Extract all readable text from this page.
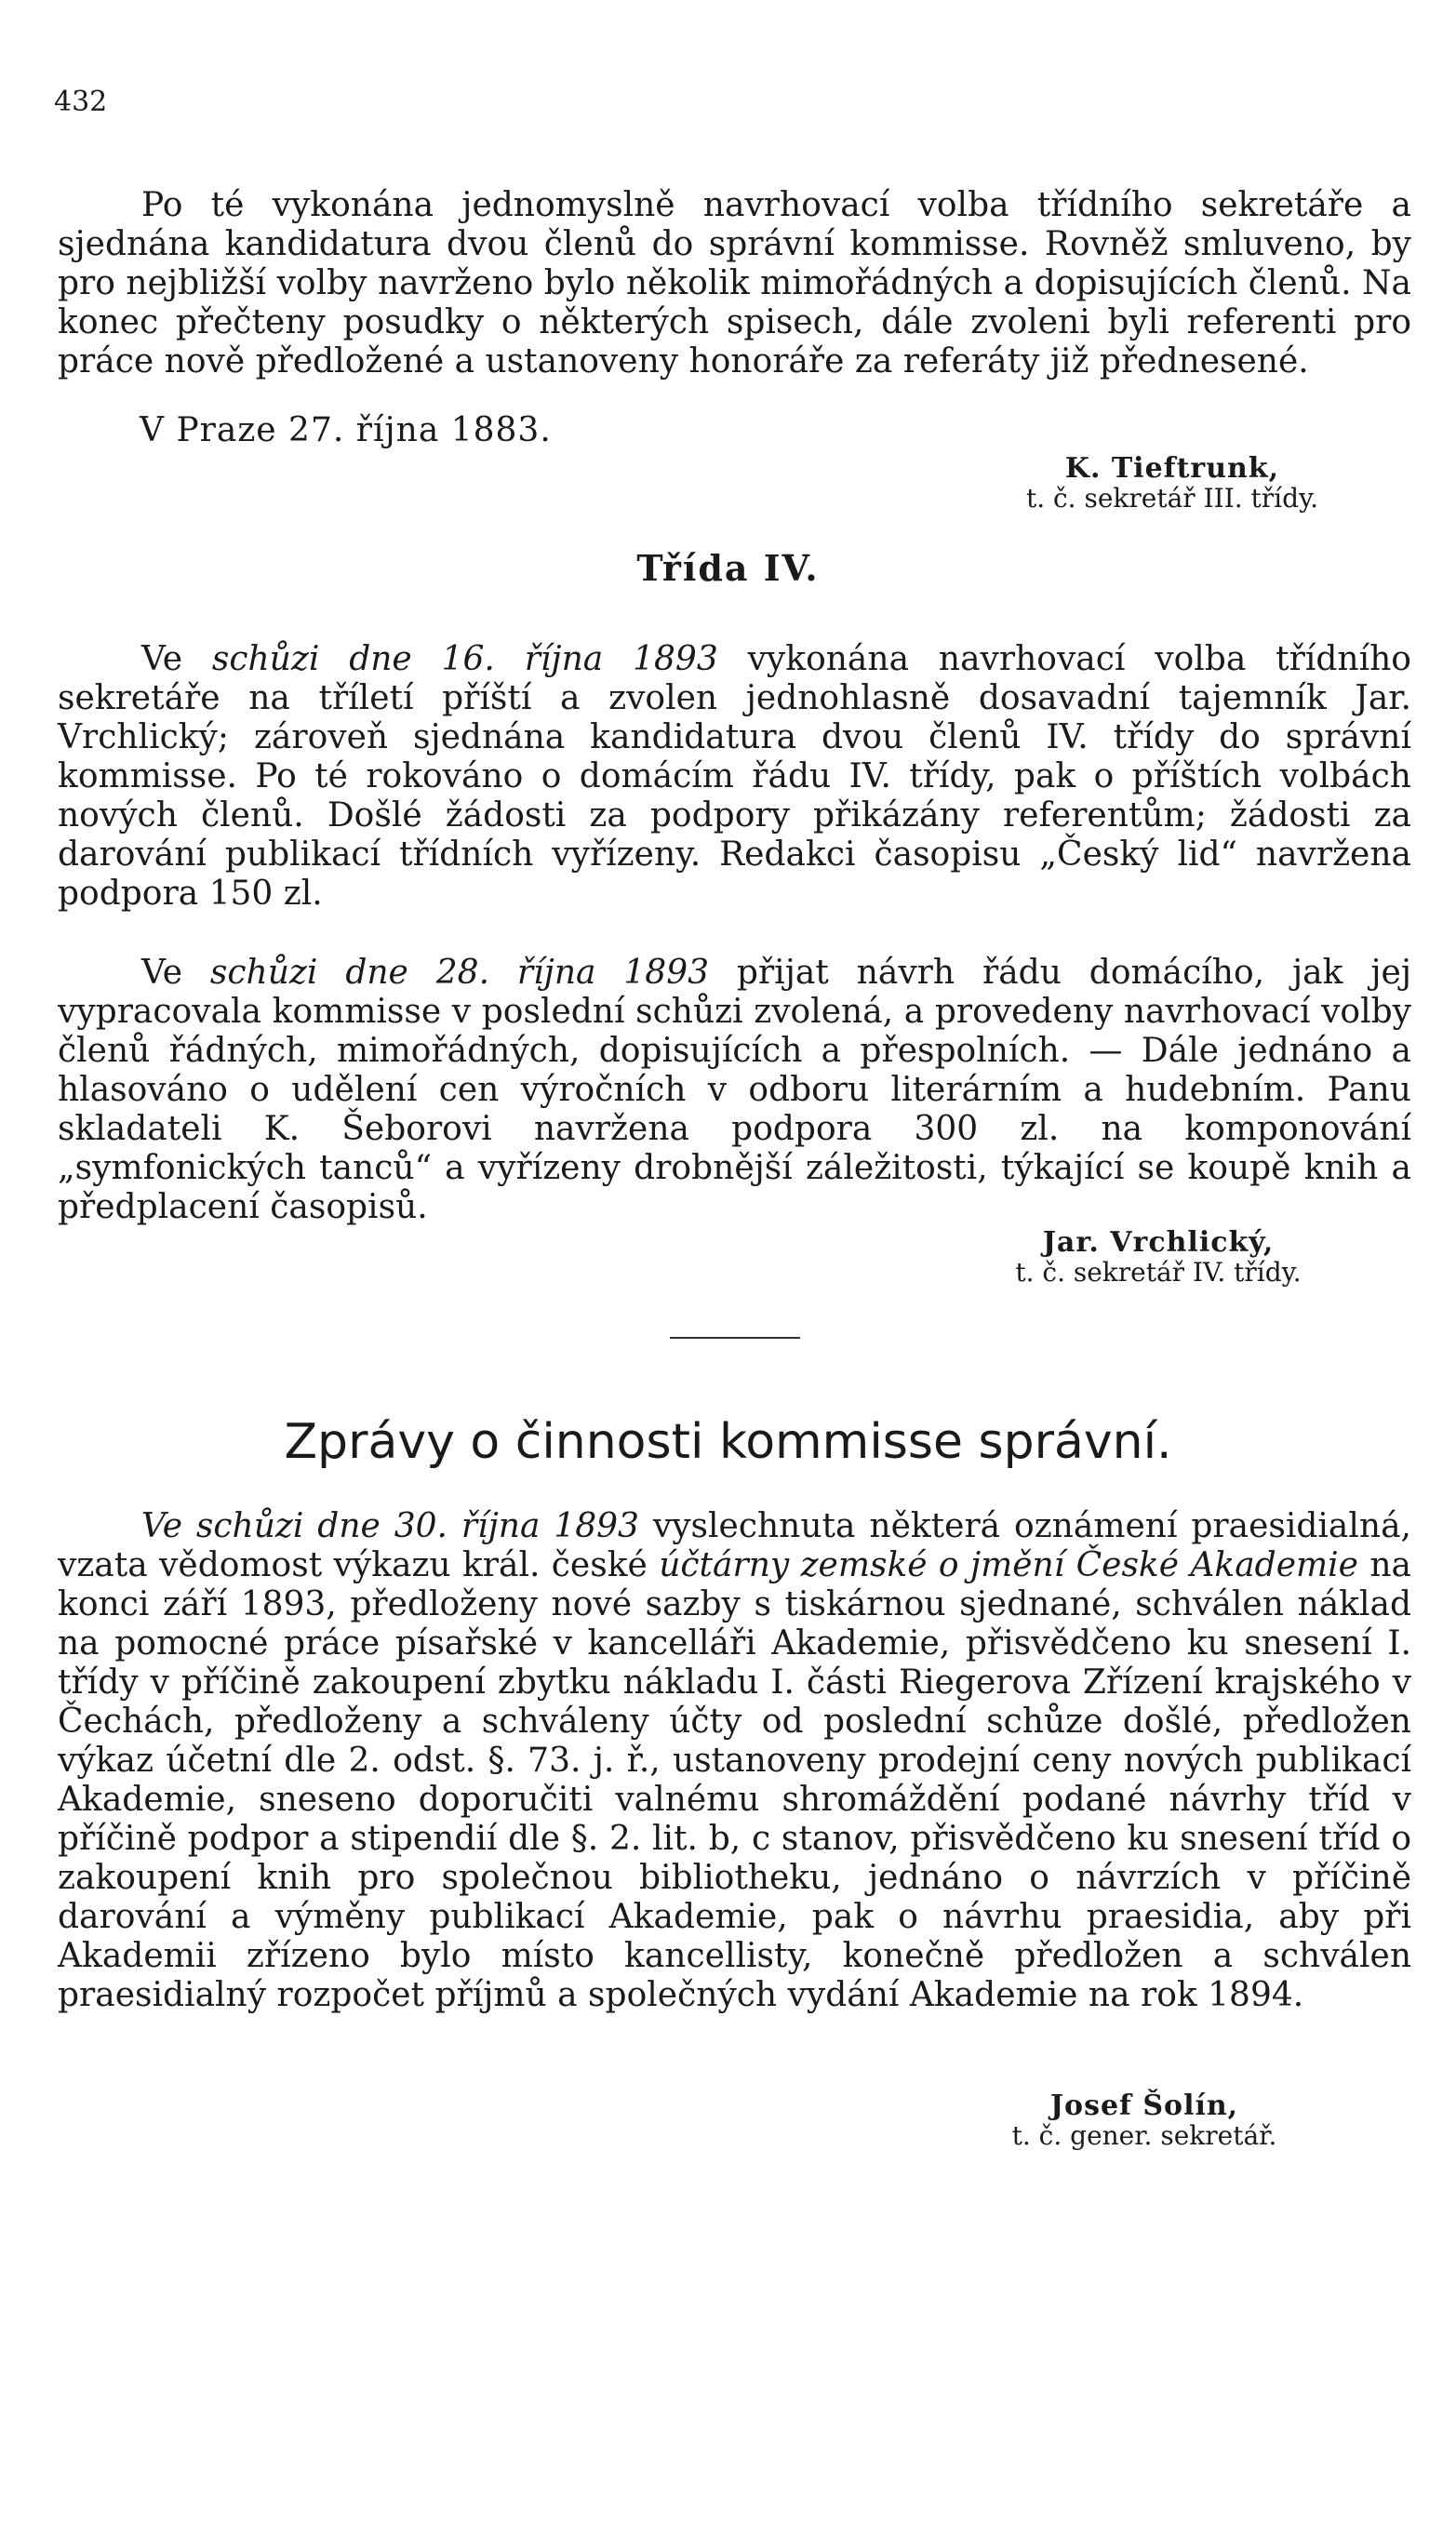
432

Po té vykonána jednomyslně navrhovací volba třídního sekretáře a sjednána kandidatura dvou členů do správní kommisse. Rovněž smluveno, by pro nejbližší volby navrženo bylo několik mimořádných a dopisujících členů. Na konec přečteny posudky o některých spisech, dále zvoleni byli referenti pro práce nově předložené a ustanoveny honoráře za referáty již přednesené.

V Praze 27. října 1883.
K. Tieftrunk,
t. č. sekretář III. třídy.
Třída IV.

Ve schůzi dne 16. října 1893 vykonána navrhovací volba třídního sekretáře na tříletí příští a zvolen jednohlasně dosavadní tajemník Jar. Vrchlický; zároveň sjednána kandidatura dvou členů IV. třídy do správní kommisse. Po té rokováno o domácím řádu IV. třídy, pak o příštích volbách nových členů. Došlé žádosti za podpory přikázány referentům; žádosti za darování publikací třídních vyřízeny. Redakci časopisu „Český lid“ navržena podpora 150 zl.

Ve schůzi dne 28. října 1893 přijat návrh řádu domácího, jak jej vypracovala kommisse v poslední schůzi zvolená, a provedeny navrhovací volby členů řádných, mimořádných, dopisujících a přespolních. — Dále jednáno a hlasováno o udělení cen výročních v odboru literárním a hudebním. Panu skladateli K. Šeborovi navržena podpora 300 zl. na komponování „symfonických tanců“ a vyřízeny drobnější záležitosti, týkající se koupě knih a předplacení časopisů.

Jar. Vrchlický,
t. č. sekretář IV. třídy.
Zprávy o činnosti kommisse správní.

Ve schůzi dne 30. října 1893 vyslechnuta některá oznámení praesidialná, vzata vědomost výkazu král. české účtárny zemské o jmění České Akademie na konci září 1893, předloženy nové sazby s tiskárnou sjednané, schválen náklad na pomocné práce písařské v kancelláři Akademie, přisvědčeno ku snesení I. třídy v příčině zakoupení zbytku nákladu I. části Riegerova Zřízení krajského v Čechách, předloženy a schváleny účty od poslední schůze došlé, předložen výkaz účetní dle 2. odst. §. 73. j. ř., ustanoveny prodejní ceny nových publikací Akademie, sneseno doporučiti valnému shromáždění podané návrhy tříd v příčině podpor a stipendií dle §. 2. lit. b, c stanov, přisvědčeno ku snesení tříd o zakoupení knih pro společnou bibliotheku, jednáno o návrzích v příčině darování a výměny publikací Akademie, pak o návrhu praesidia, aby při Akademii zřízeno bylo místo kancellisty, konečně předložen a schválen praesidialný rozpočet příjmů a společných vydání Akademie na rok 1894.

Josef Šolín,
t. č. gener. sekretář.
